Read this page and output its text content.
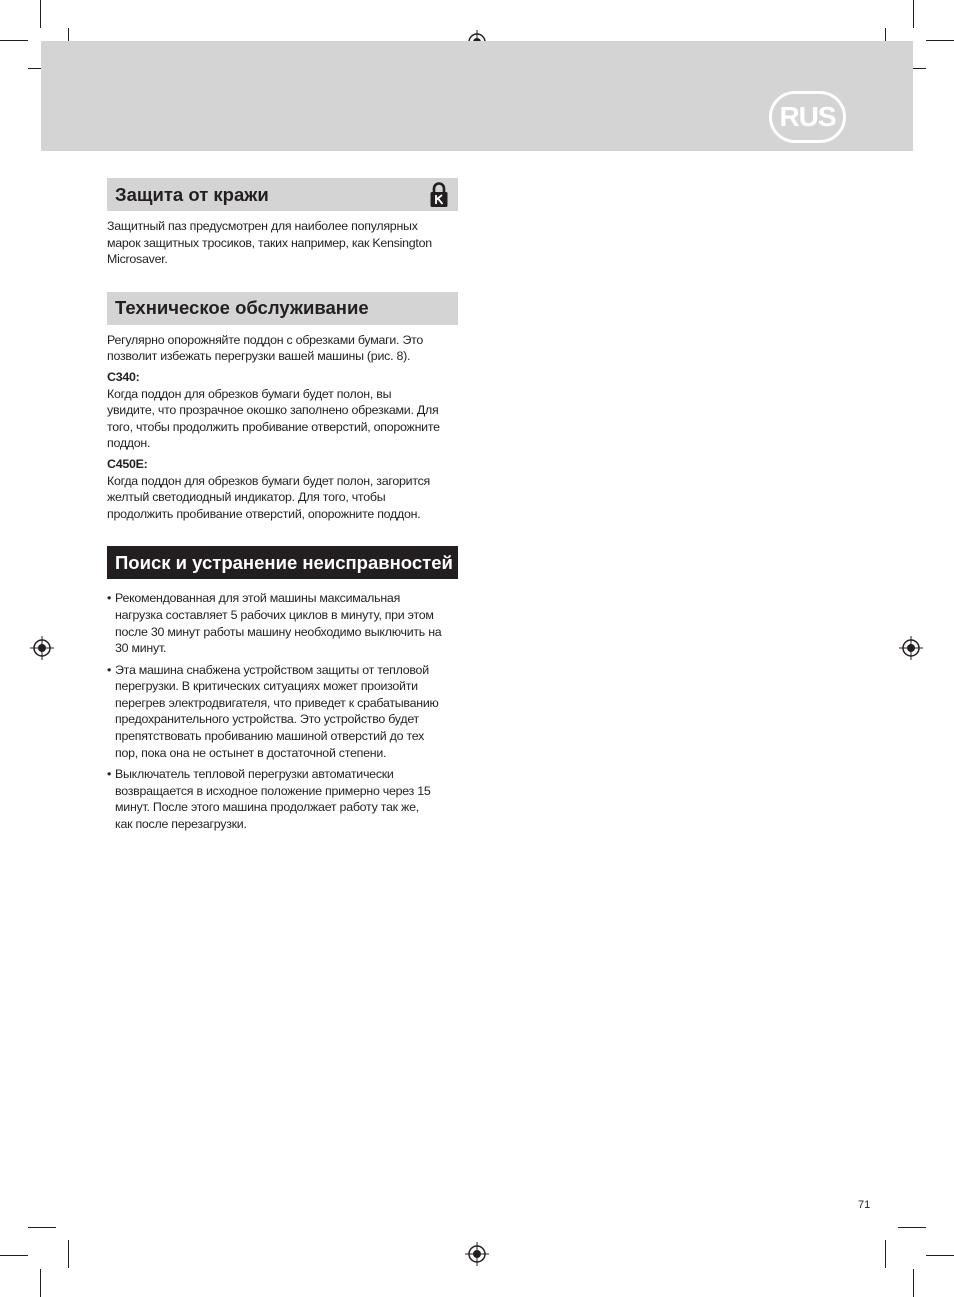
RUS
Защита от кражи

Защитный паз предусмотрен для наиболее популярных

марок защитных тросиков, таких например, как Kensington

Microsaver.

Техническое обслуживание

Регулярно опорожняйте поддон с обрезками бумаги. Это

позволит избежать перегрузки вашей машины (рис. 8).

C340:

Когда поддон для обрезков бумаги будет полон, вы

увидите, что прозрачное окошко заполнено обрезками. Для

того, чтобы продолжить пробивание отверстий, опорожните

поддон.

C450E:

Когда поддон для обрезков бумаги будет полон, загорится

желтый светодиодный индикатор. Для того, чтобы

продолжить пробивание отверстий, опорожните поддон.

Поиск и устранение неисправностей
• Рекомендованная для этой машины максимальная
нагрузка составляет 5 рабочих циклов в минуту, при этом
после 30 минут работы машину необходимо выключить на
30 минут.
• Эта машина снабжена устройством защиты от тепловой
перегрузки. В критических ситуациях может произойти
перегрев электродвигателя, что приведет к срабатыванию
предохранительного устройства. Это устройство будет
препятствовать пробиванию машиной отверстий до тех
пор, пока она не остынет в достаточной степени.
• Выключатель тепловой перегрузки автоматически
возвращается в исходное положение примерно через 15
минут. После этого машина продолжает работу так же,
как после перезагрузки.
71
